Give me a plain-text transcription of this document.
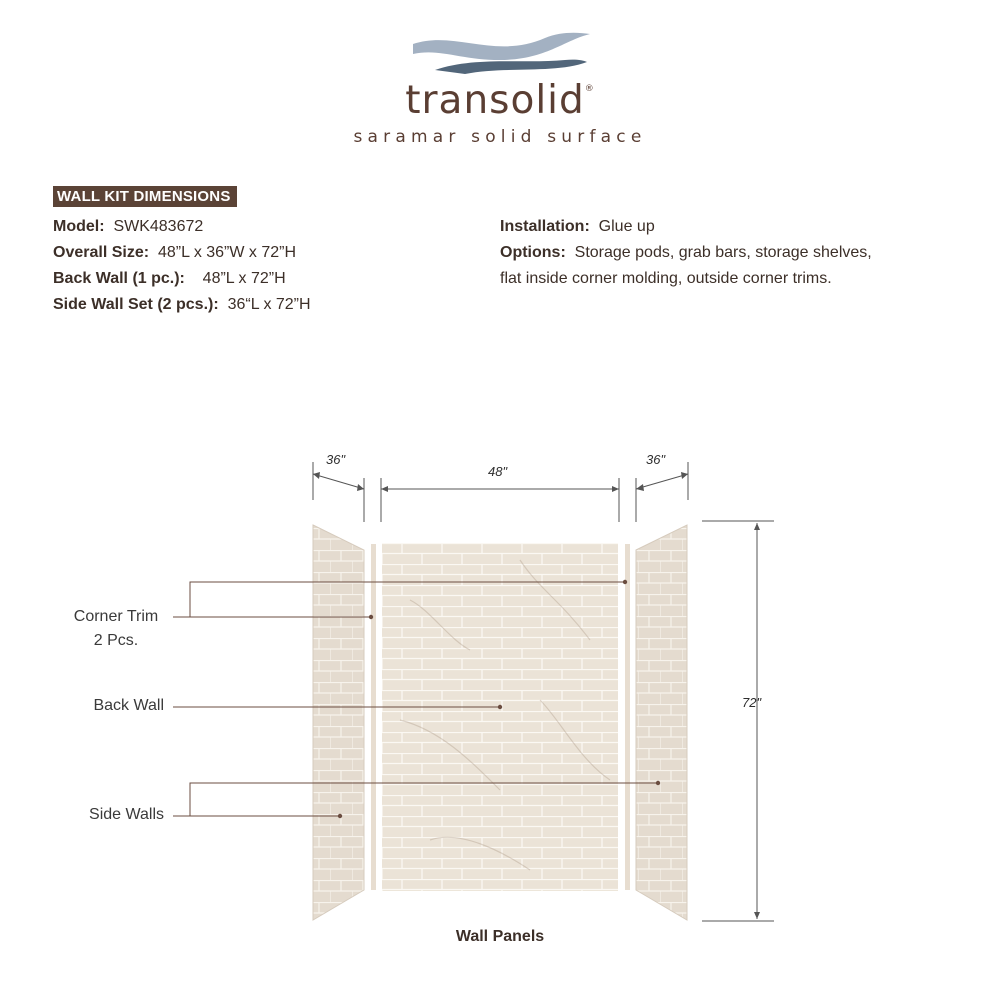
transolid®
saramar solid surface
WALL KIT DIMENSIONS
Model: SWK483672
Overall Size: 48”L x 36”W x 72”H
Back Wall (1 pc.): 48”L x 72”H
Side Wall Set (2 pcs.): 36“L x 72”H
Installation: Glue up
Options: Storage pods, grab bars, storage shelves, flat inside corner molding, outside corner trims.
36"
48"
36"
72"
Corner Trim
2 Pcs.
Back Wall
Side Walls
Wall Panels
